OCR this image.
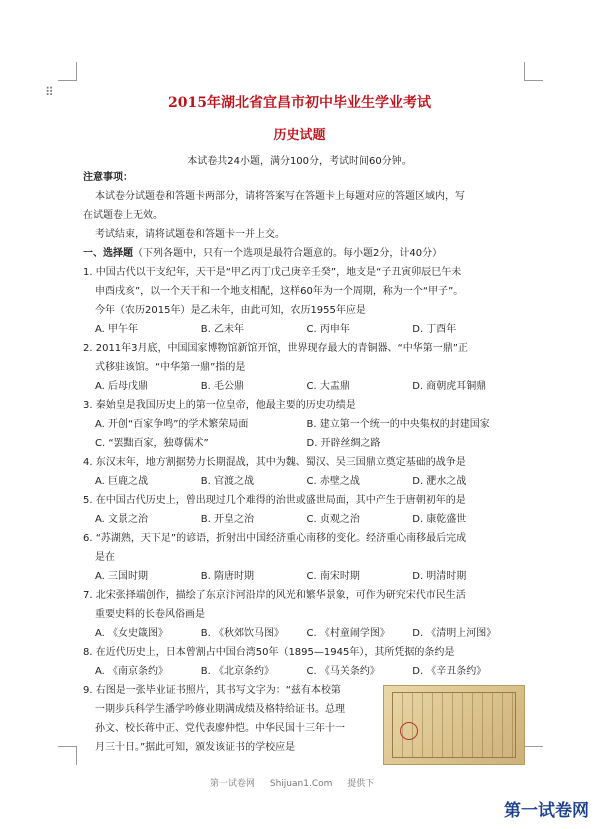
⠿
2015年湖北省宜昌市初中毕业生学业考试
历史试题
本试卷共24小题，满分100分，考试时间60分钟。

注意事项：

本试卷分试题卷和答题卡两部分，请将答案写在答题卡上每题对应的答题区域内，写

在试题卷上无效。

考试结束，请将试题卷和答题卡一并上交。

一、选择题（下列各题中，只有一个选项是最符合题意的。每小题2分，计40分）

1. 中国古代以干支纪年，天干是“甲乙丙丁戊己庚辛壬癸”，地支是“子丑寅卯辰巳午未

申酉戌亥”，以一个天干和一个地支相配，这样60年为一个周期，称为一个“甲子”。

今年（农历2015年）是乙未年，由此可知，农历1955年应是

A. 甲午年	B. 乙未年	C. 丙申年	D. 丁酉年

2. 2011年3月底，中国国家博物馆新馆开馆，世界现存最大的青铜器、“中华第一鼎”正

式移驻该馆。“中华第一鼎”指的是

A. 后母戊鼎	B. 毛公鼎	C. 大盂鼎	D. 商朝虎耳铜鼎

3. 秦始皇是我国历史上的第一位皇帝，他最主要的历史功绩是

A. 开创“百家争鸣”的学术繁荣局面	B. 建立第一个统一的中央集权的封建国家
C. “罢黜百家，独尊儒术”	D. 开辟丝绸之路

4. 东汉末年，地方割据势力长期混战，其中为魏、蜀汉、吴三国鼎立奠定基础的战争是

A. 巨鹿之战	B. 官渡之战	C. 赤壁之战	D. 淝水之战

5. 在中国古代历史上，曾出现过几个难得的治世或盛世局面，其中产生于唐朝初年的是

A. 文景之治	B. 开皇之治	C. 贞观之治	D. 康乾盛世

6. “苏湖熟，天下足”的谚语，折射出中国经济重心南移的变化。经济重心南移最后完成

是在

A. 三国时期	B. 隋唐时期	C. 南宋时期	D. 明清时期

7. 北宋张择端创作，描绘了东京汴河沿岸的风光和繁华景象，可作为研究宋代市民生活

重要史料的长卷风俗画是

A. 《女史箴图》	B. 《秋郊饮马图》	C. 《村童闹学图》	D. 《清明上河图》

8. 在近代历史上，日本曾割占中国台湾50年（1895—1945年），其所凭据的条约是

A. 《南京条约》	B. 《北京条约》	C. 《马关条约》	D. 《辛丑条约》

9. 右图是一张毕业证书照片，其书写文字为：“兹有本校第

一期步兵科学生潘学吟修业期满成绩及格特给证书。总理

孙文、校长蒋中正、党代表廖仲恺。中华民国十三年十一

月三十日。”据此可知，颁发该证书的学校应是

第一试卷网 Shijuan1.Com 提供下
第一试卷网
